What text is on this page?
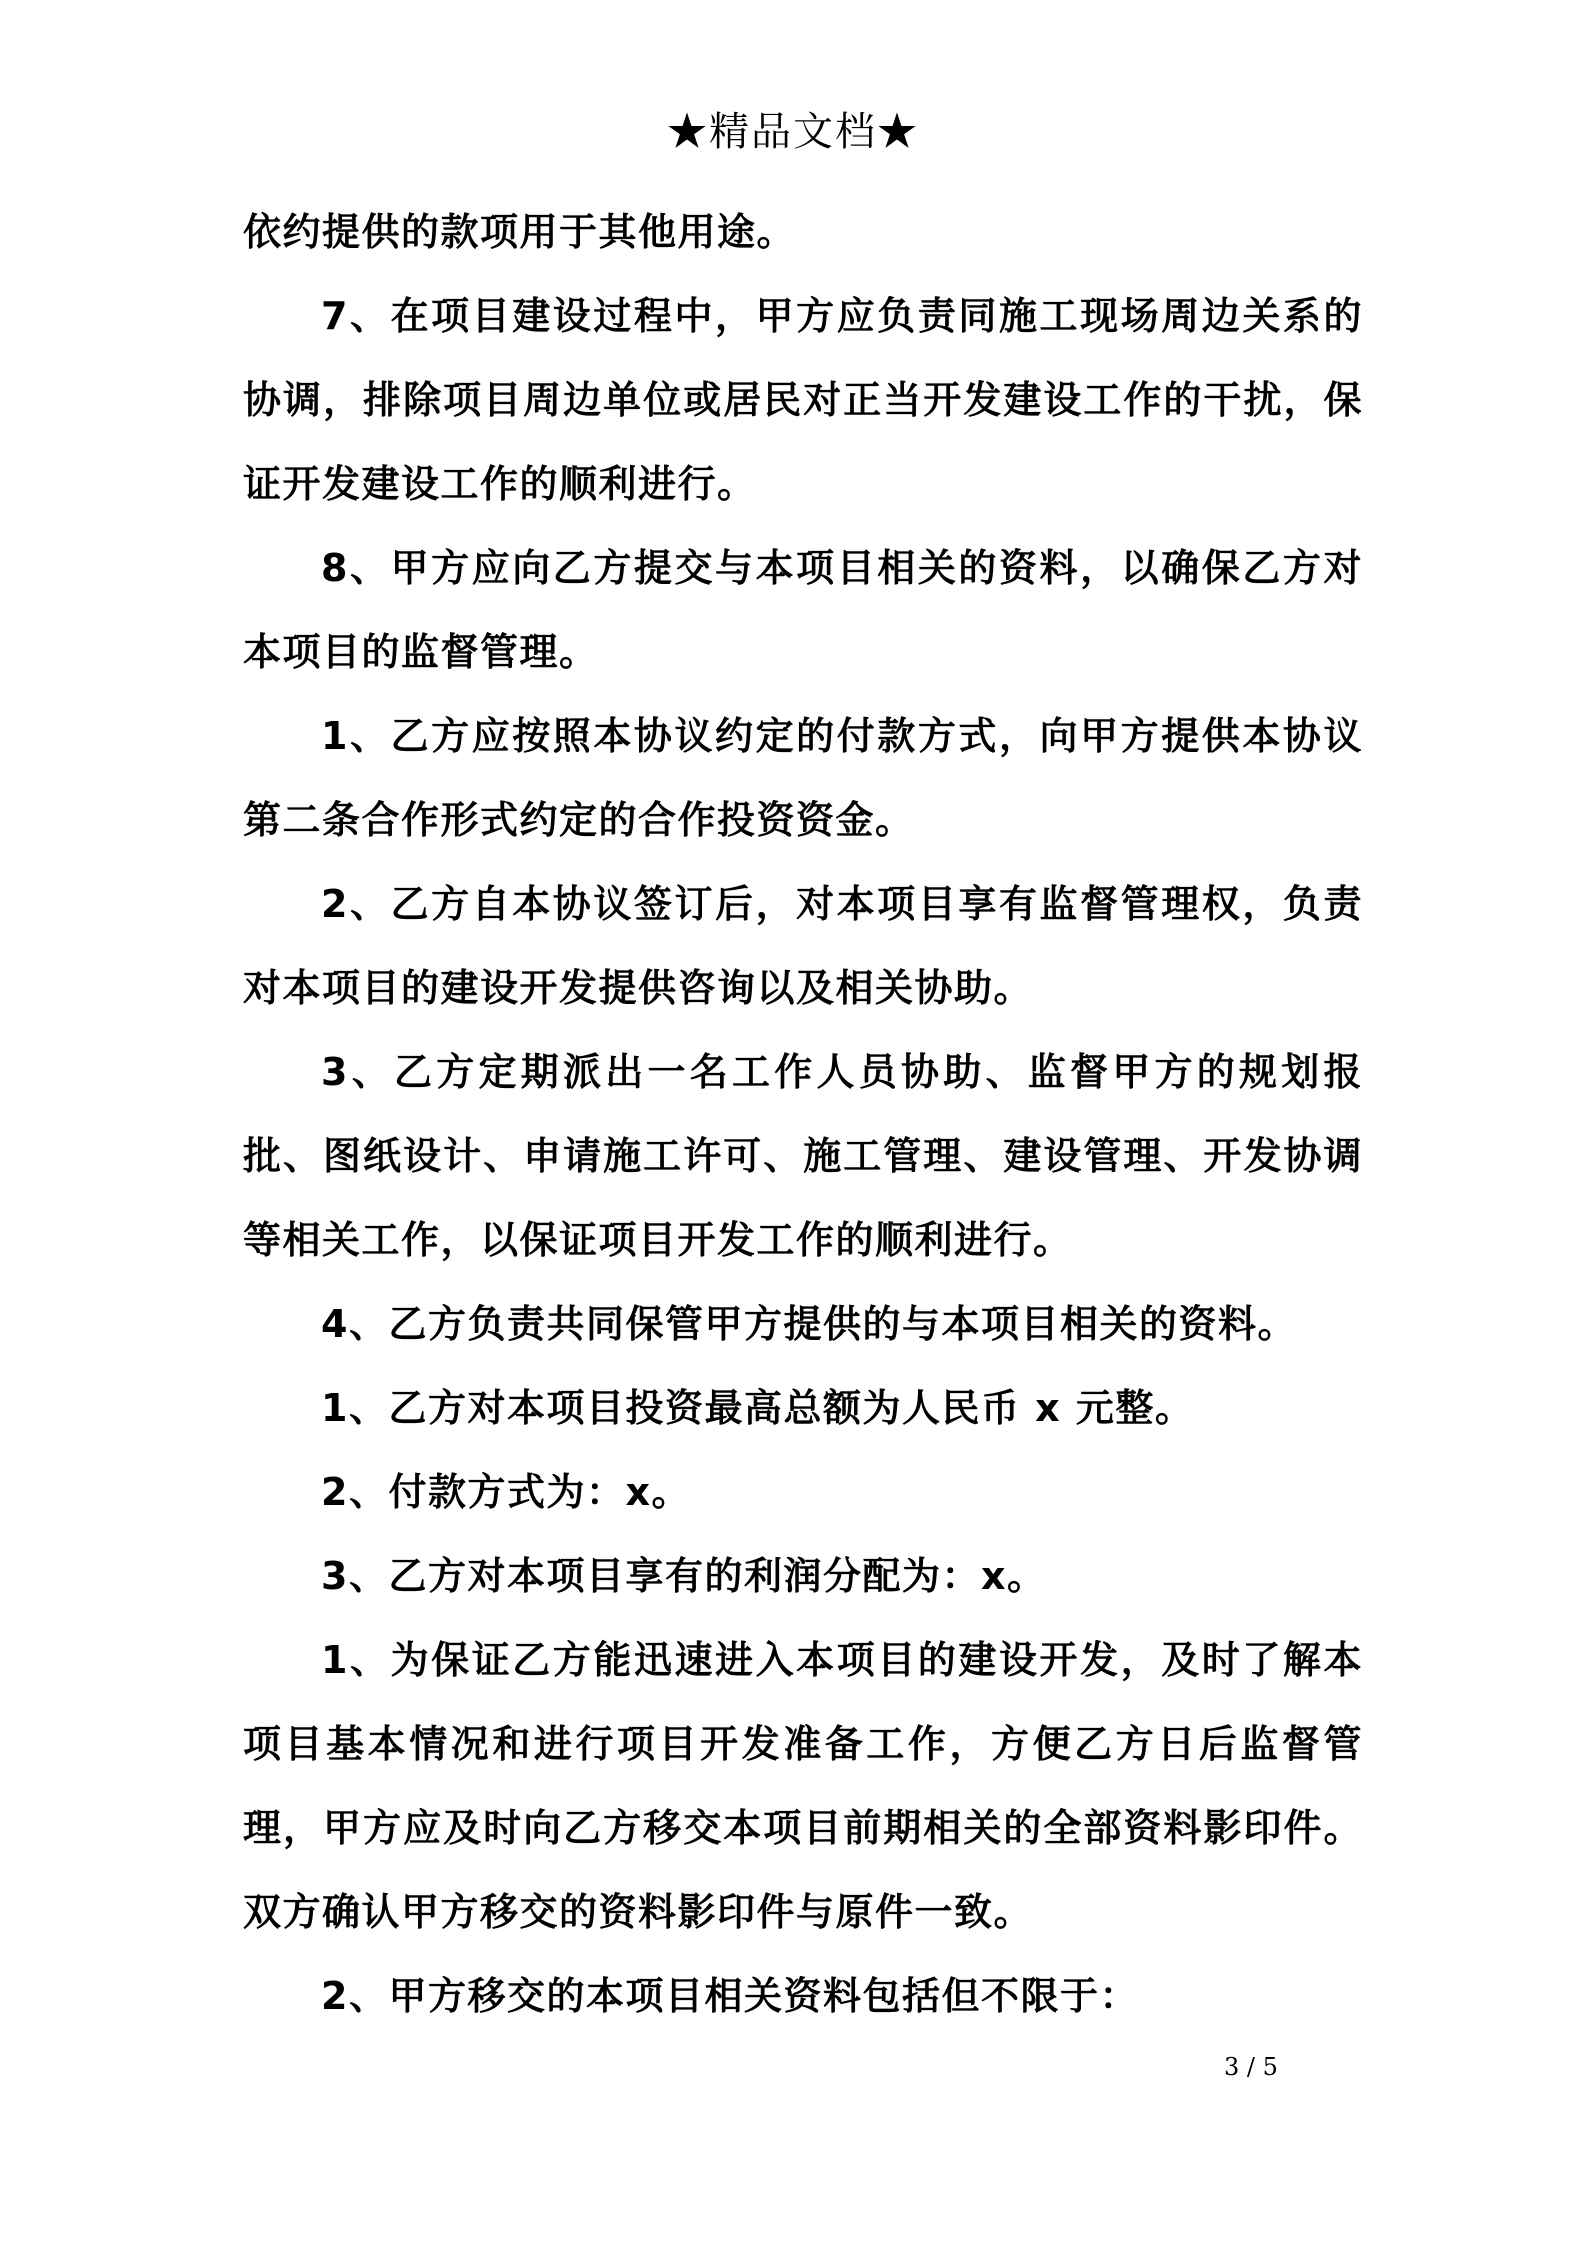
★精品文档★

依约提供的款项用于其他用途。

7、在项目建设过程中，甲方应负责同施工现场周边关系的协调，排除项目周边单位或居民对正当开发建设工作的干扰，保证开发建设工作的顺利进行。

8、甲方应向乙方提交与本项目相关的资料，以确保乙方对本项目的监督管理。

1、乙方应按照本协议约定的付款方式，向甲方提供本协议第二条合作形式约定的合作投资资金。

2、乙方自本协议签订后，对本项目享有监督管理权，负责对本项目的建设开发提供咨询以及相关协助。

3、乙方定期派出一名工作人员协助、监督甲方的规划报批、图纸设计、申请施工许可、施工管理、建设管理、开发协调等相关工作，以保证项目开发工作的顺利进行。

4、乙方负责共同保管甲方提供的与本项目相关的资料。

1、乙方对本项目投资最高总额为人民币 x 元整。

2、付款方式为：x。

3、乙方对本项目享有的利润分配为：x。

1、为保证乙方能迅速进入本项目的建设开发，及时了解本项目基本情况和进行项目开发准备工作，方便乙方日后监督管理，甲方应及时向乙方移交本项目前期相关的全部资料影印件。双方确认甲方移交的资料影印件与原件一致。

2、甲方移交的本项目相关资料包括但不限于：

3 / 5
